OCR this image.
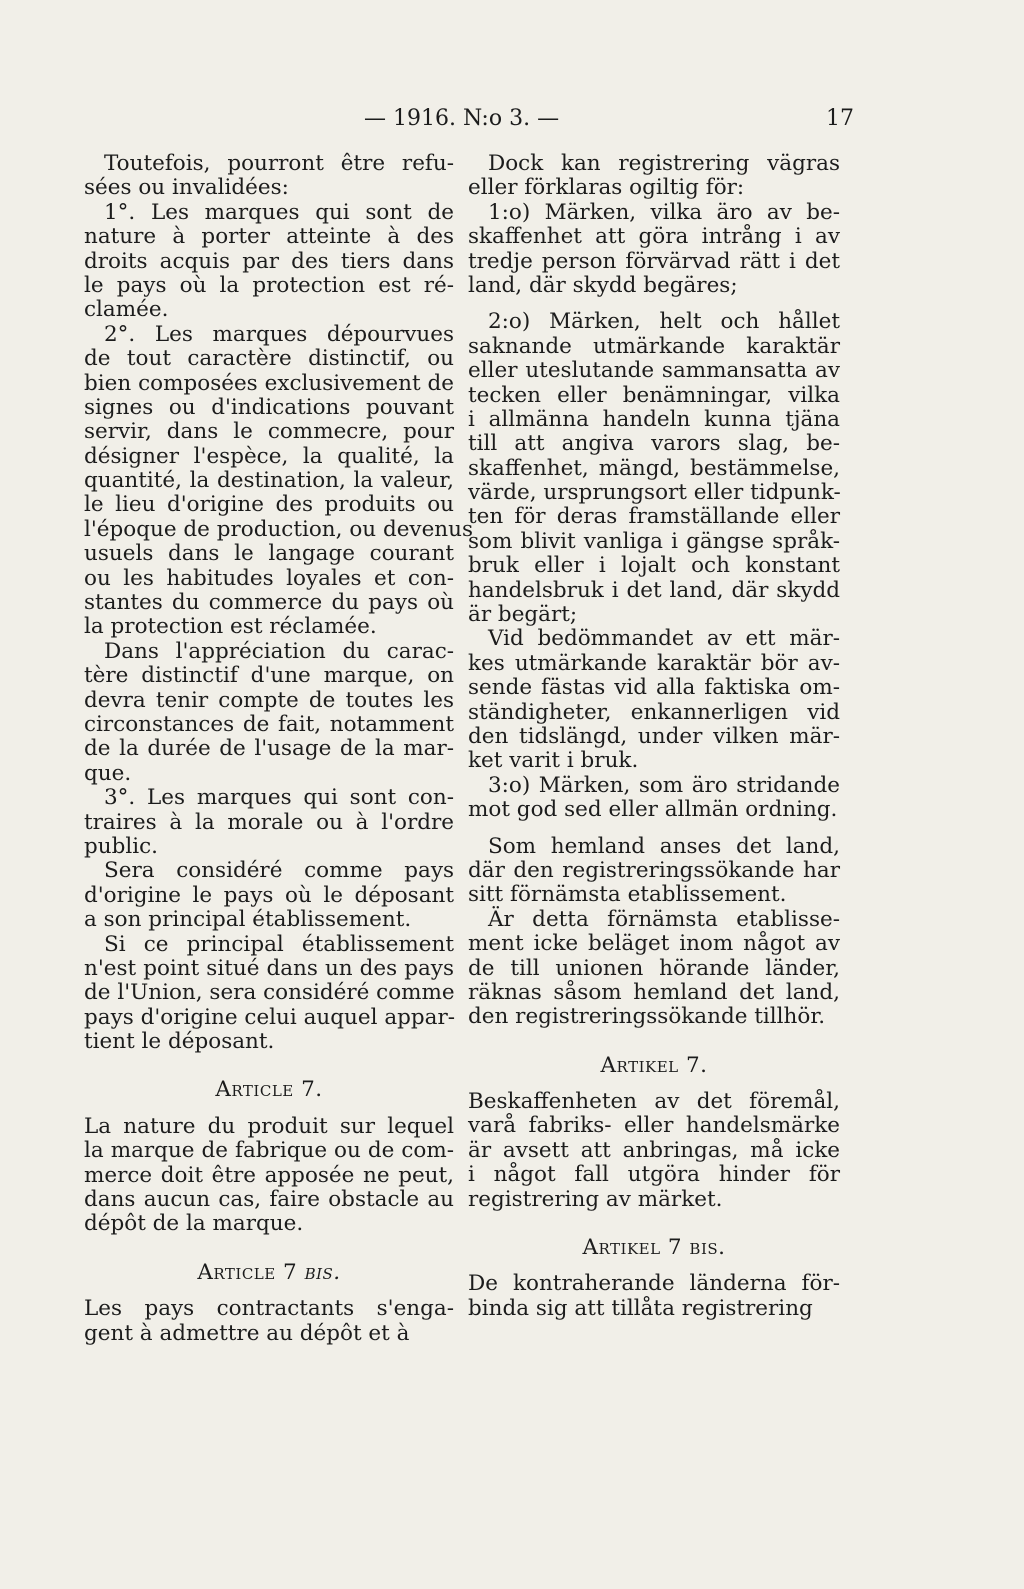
— 1916. N:o 3. —	17
Toutefois, pourront être refu-
sées ou invalidées:
1°. Les marques qui sont de
nature à porter atteinte à des
droits acquis par des tiers dans
le pays où la protection est ré-
clamée.
2°. Les marques dépourvues
de tout caractère distinctif, ou
bien composées exclusivement de
signes ou d'indications pouvant
servir, dans le commecre, pour
désigner l'espèce, la qualité, la
quantité, la destination, la valeur,
le lieu d'origine des produits ou
l'époque de production, ou devenus
usuels dans le langage courant
ou les habitudes loyales et con-
stantes du commerce du pays où
la protection est réclamée.
Dans l'appréciation du carac-
tère distinctif d'une marque, on
devra tenir compte de toutes les
circonstances de fait, notamment
de la durée de l'usage de la mar-
que.
3°. Les marques qui sont con-
traires à la morale ou à l'ordre
public.
Sera considéré comme pays
d'origine le pays où le déposant
a son principal établissement.
Si ce principal établissement
n'est point situé dans un des pays
de l'Union, sera considéré comme
pays d'origine celui auquel appar-
tient le déposant.
Article 7.
La nature du produit sur lequel
la marque de fabrique ou de com-
merce doit être apposée ne peut,
dans aucun cas, faire obstacle au
dépôt de la marque.
Article 7 bis.
Les pays contractants s'enga-
gent à admettre au dépôt et à
Dock kan registrering vägras
eller förklaras ogiltig för:
1:o) Märken, vilka äro av be-
skaffenhet att göra intrång i av
tredje person förvärvad rätt i det
land, där skydd begäres;
2:o) Märken, helt och hållet
saknande utmärkande karaktär
eller uteslutande sammansatta av
tecken eller benämningar, vilka
i allmänna handeln kunna tjäna
till att angiva varors slag, be-
skaffenhet, mängd, bestämmelse,
värde, ursprungsort eller tidpunk-
ten för deras framställande eller
som blivit vanliga i gängse språk-
bruk eller i lojalt och konstant
handelsbruk i det land, där skydd
är begärt;
Vid bedömmandet av ett mär-
kes utmärkande karaktär bör av-
sende fästas vid alla faktiska om-
ständigheter, enkannerligen vid
den tidslängd, under vilken mär-
ket varit i bruk.
3:o) Märken, som äro stridande
mot god sed eller allmän ordning.
Som hemland anses det land,
där den registreringssökande har
sitt förnämsta etablissement.
Är detta förnämsta etablisse-
ment icke beläget inom något av
de till unionen hörande länder,
räknas såsom hemland det land,
den registreringssökande tillhör.
Artikel 7.
Beskaffenheten av det föremål,
varå fabriks- eller handelsmärke
är avsett att anbringas, må icke
i något fall utgöra hinder för
registrering av märket.
Artikel 7 bis.
De kontraherande länderna för-
binda sig att tillåta registrering
